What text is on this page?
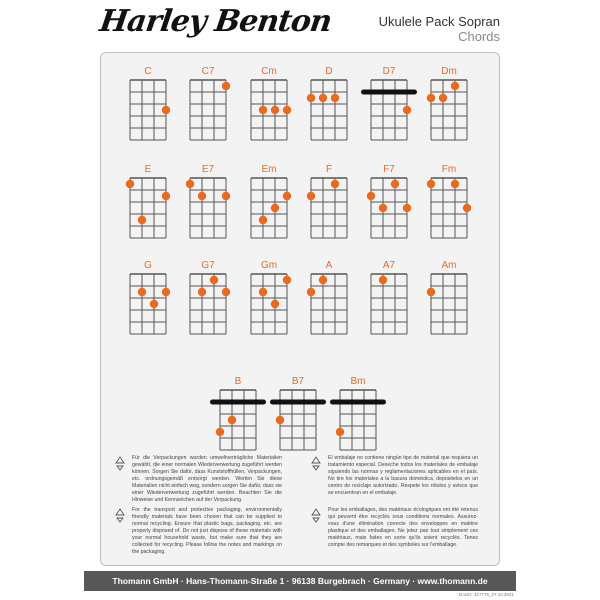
Harley Benton	Ukulele Pack Sopran
Chords
C	C7	Cm	D	D7	Dm
E	E7	Em	F	F7	Fm
G	G7	Gm	A	A7	Am
B	B7	Bm
Für die Verpackungen wurden umweltverträgliche Materialien gewählt, die einer normalen Wiederverwertung zugeführt werden können. Sorgen Sie dafür, dass Kunststoffhüllen, Verpackungen, etc. ordnungsgemäß entsorgt werden. Werfen Sie diese Materialien nicht einfach weg, sondern sorgen Sie dafür, dass sie einer Wiederverwertung zugeführt werden. Beachten Sie die Hinweise und Kennzeichen auf der Verpackung.
For the transport and protective packaging, environmentally friendly materials have been chosen that can be supplied to normal recycling. Ensure that plastic bags, packaging, etc. are properly disposed of. Do not just dispose of these materials with your normal household waste, but make sure that they are collected for recycling. Please follow the notes and markings on the packaging.
El embalaje no contiene ningún tipo de material que requiera un tratamiento especial. Deseche todos los materiales de embalaje siguiendo las normas y reglamentaciones aplicables en el país. No tire los materiales a la basura doméstica, depositelos en un centro de reciclaje autorizado. Respete los rótulos y avisos que se encuentran en el embalaje.
Pour les emballages, des matériaux écologiques ont été retenus qui peuvent être recyclés sous conditions normales. Assurez-vous d'une élimination correcte des enveloppes en matière plastique et des emballages. Ne jetez pas tout simplement ces matériaux, mais faites en sorte qu'ils soient recyclés. Tenez compte des remarques et des symboles sur l'emballage.
Thomann GmbH · Hans-Thomann-Straße 1 · 96138 Burgebrach · Germany · www.thomann.de
DocID: 427775_27.10.2021
